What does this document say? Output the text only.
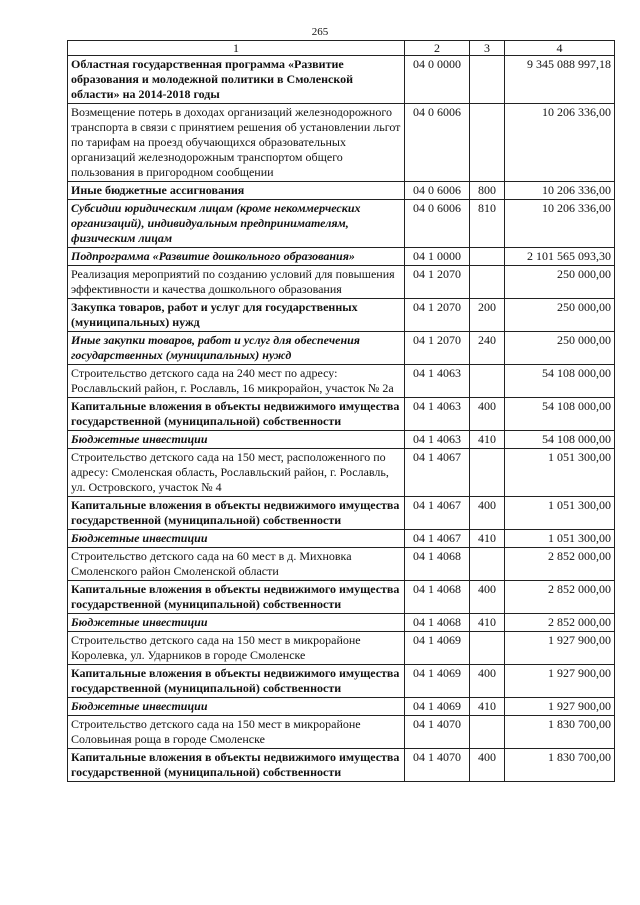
265
1	2	3	4
Областная государственная программа «Развитие образования и молодежной политики в Смоленской области» на 2014-2018 годы	04 0 0000		9 345 088 997,18
Возмещение потерь в доходах организаций железнодорожного транспорта в связи с принятием решения об установлении льгот по тарифам на проезд обучающихся образовательных организаций железнодорожным транспортом общего пользования в пригородном сообщении	04 0 6006		10 206 336,00
Иные бюджетные ассигнования	04 0 6006	800	10 206 336,00
Субсидии юридическим лицам (кроме некоммерческих организаций), индивидуальным предпринимателям, физическим лицам	04 0 6006	810	10 206 336,00
Подпрограмма «Развитие дошкольного образования»	04 1 0000		2 101 565 093,30
Реализация мероприятий по созданию условий для повышения эффективности и качества дошкольного образования	04 1 2070		250 000,00
Закупка товаров, работ и услуг для государственных (муниципальных) нужд	04 1 2070	200	250 000,00
Иные закупки товаров, работ и услуг для обеспечения государственных (муниципальных) нужд	04 1 2070	240	250 000,00
Строительство детского сада на 240 мест по адресу: Рославльский район, г. Рославль, 16 микрорайон, участок № 2а	04 1 4063		54 108 000,00
Капитальные вложения в объекты недвижимого имущества государственной (муниципальной) собственности	04 1 4063	400	54 108 000,00
Бюджетные инвестиции	04 1 4063	410	54 108 000,00
Строительство детского сада на 150 мест, расположенного по адресу: Смоленская область, Рославльский район, г. Рославль, ул. Островского, участок № 4	04 1 4067		1 051 300,00
Капитальные вложения в объекты недвижимого имущества государственной (муниципальной) собственности	04 1 4067	400	1 051 300,00
Бюджетные инвестиции	04 1 4067	410	1 051 300,00
Строительство детского сада на 60 мест в д. Михновка Смоленского район Смоленской области	04 1 4068		2 852 000,00
Капитальные вложения в объекты недвижимого имущества государственной (муниципальной) собственности	04 1 4068	400	2 852 000,00
Бюджетные инвестиции	04 1 4068	410	2 852 000,00
Строительство детского сада на 150 мест в микрорайоне Королевка, ул. Ударников в городе Смоленске	04 1 4069		1 927 900,00
Капитальные вложения в объекты недвижимого имущества государственной (муниципальной) собственности	04 1 4069	400	1 927 900,00
Бюджетные инвестиции	04 1 4069	410	1 927 900,00
Строительство детского сада на 150 мест в микрорайоне Соловьиная роща в городе Смоленске	04 1 4070		1 830 700,00
Капитальные вложения в объекты недвижимого имущества государственной (муниципальной) собственности	04 1 4070	400	1 830 700,00
